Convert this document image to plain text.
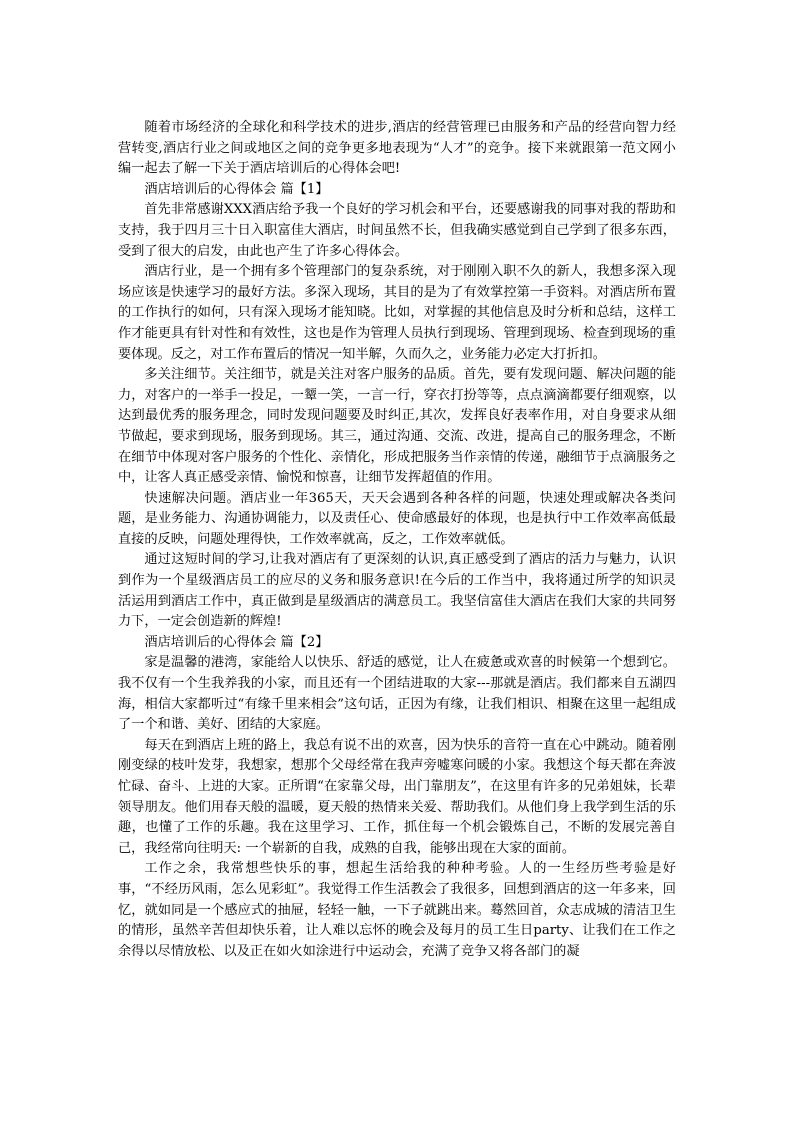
随着市场经济的全球化和科学技术的进步,酒店的经营管理已由服务和产品的经营向智力经营转变,酒店行业之间或地区之间的竞争更多地表现为“人才”的竞争。接下来就跟第一范文网小编一起去了解一下关于酒店培训后的心得体会吧!

酒店培训后的心得体会 篇【1】

首先非常感谢XXX酒店给予我一个良好的学习机会和平台，还要感谢我的同事对我的帮助和支持，我于四月三十日入职富佳大酒店，时间虽然不长，但我确实感觉到自己学到了很多东西，受到了很大的启发，由此也产生了许多心得体会。

酒店行业，是一个拥有多个管理部门的复杂系统，对于刚刚入职不久的新人，我想多深入现场应该是快速学习的最好方法。多深入现场，其目的是为了有效掌控第一手资料。对酒店所布置的工作执行的如何，只有深入现场才能知晓。比如，对掌握的其他信息及时分析和总结，这样工作才能更具有针对性和有效性，这也是作为管理人员执行到现场、管理到现场、检查到现场的重要体现。反之，对工作布置后的情况一知半解，久而久之，业务能力必定大打折扣。

多关注细节。关注细节，就是关注对客户服务的品质。首先，要有发现问题、解决问题的能力，对客户的一举手一投足，一颦一笑，一言一行，穿衣打扮等等，点点滴滴都要仔细观察，以达到最优秀的服务理念，同时发现问题要及时纠正,其次，发挥良好表率作用，对自身要求从细节做起，要求到现场，服务到现场。其三，通过沟通、交流、改进，提高自己的服务理念，不断在细节中体现对客户服务的个性化、亲情化，形成把服务当作亲情的传递，融细节于点滴服务之中，让客人真正感受亲情、愉悦和惊喜，让细节发挥超值的作用。

快速解决问题。酒店业一年365天，天天会遇到各种各样的问题，快速处理或解决各类问题，是业务能力、沟通协调能力，以及责任心、使命感最好的体现，也是执行中工作效率高低最直接的反映，问题处理得快，工作效率就高，反之，工作效率就低。

通过这短时间的学习,让我对酒店有了更深刻的认识,真正感受到了酒店的活力与魅力，认识到作为一个星级酒店员工的应尽的义务和服务意识!在今后的工作当中，我将通过所学的知识灵活运用到酒店工作中，真正做到是星级酒店的满意员工。我坚信富佳大酒店在我们大家的共同努力下，一定会创造新的辉煌!

酒店培训后的心得体会 篇【2】

家是温馨的港湾，家能给人以快乐、舒适的感觉，让人在疲惫或欢喜的时候第一个想到它。我不仅有一个生我养我的小家，而且还有一个团结进取的大家---那就是酒店。我们都来自五湖四海，相信大家都听过“有缘千里来相会”这句话，正因为有缘，让我们相识、相聚在这里一起组成了一个和谐、美好、团结的大家庭。

每天在到酒店上班的路上，我总有说不出的欢喜，因为快乐的音符一直在心中跳动。随着刚刚变绿的枝叶发芽，我想家，想那个父母经常在我声旁嘘寒问暖的小家。我想这个每天都在奔波忙碌、奋斗、上进的大家。正所谓“在家靠父母，出门靠朋友”，在这里有许多的兄弟姐妹，长辈领导朋友。他们用春天般的温暖，夏天般的热情来关爱、帮助我们。从他们身上我学到生活的乐趣，也懂了工作的乐趣。我在这里学习、工作，抓住每一个机会锻炼自己，不断的发展完善自己，我经常向往明天: 一个崭新的自我，成熟的自我，能够出现在大家的面前。

工作之余，我常想些快乐的事，想起生活给我的种种考验。人的一生经历些考验是好事，“不经历风雨，怎么见彩虹”。我觉得工作生活教会了我很多，回想到酒店的这一年多来，回忆，就如同是一个感应式的抽屉，轻轻一触，一下子就跳出来。蓦然回首，众志成城的清洁卫生的情形，虽然辛苦但却快乐着，让人难以忘怀的晚会及每月的员工生日party、让我们在工作之余得以尽情放松、以及正在如火如涂进行中运动会，充满了竞争又将各部门的凝
